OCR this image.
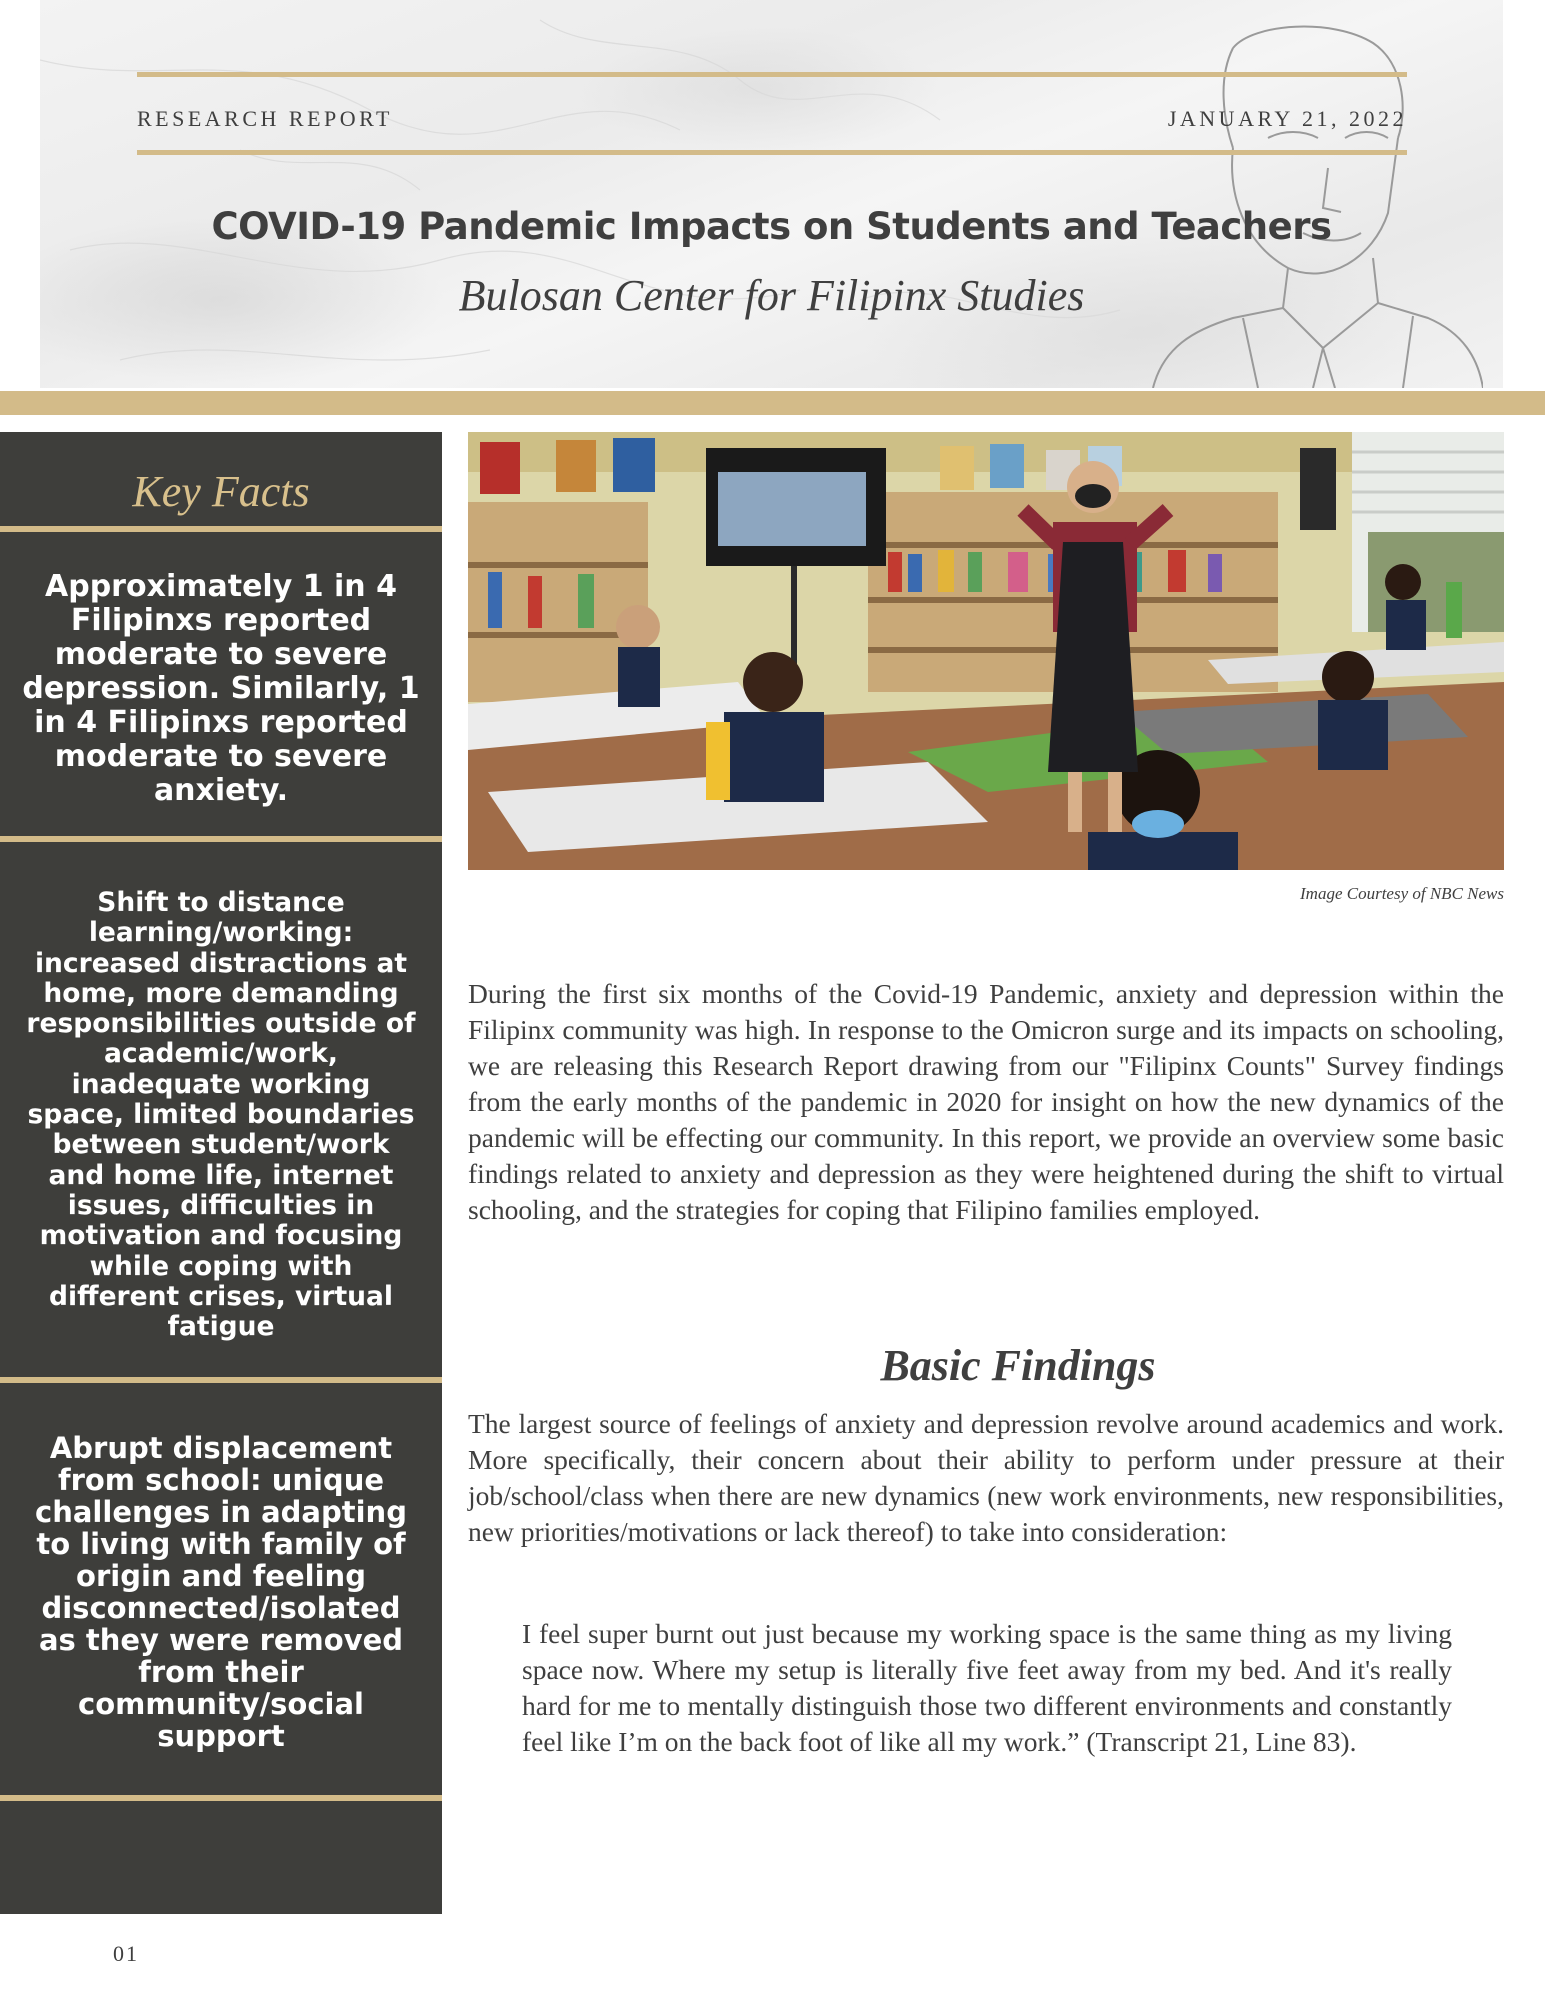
RESEARCH REPORT	JANUARY 21, 2022
COVID-19 Pandemic Impacts on Students and Teachers
Bulosan Center for Filipinx Studies
Key Facts
Approximately 1 in 4 Filipinxs reported moderate to severe depression. Similarly, 1 in 4 Filipinxs reported moderate to severe anxiety.
Shift to distance learning/working: increased distractions at home, more demanding responsibilities outside of academic/work, inadequate working space, limited boundaries between student/work and home life, internet issues, difficulties in motivation and focusing while coping with different crises, virtual fatigue
Abrupt displacement from school: unique challenges in adapting to living with family of origin and feeling disconnected/isolated as they were removed from their community/social support
Image Courtesy of NBC News

During the first six months of the Covid-19 Pandemic, anxiety and depression within the Filipinx community was high. In response to the Omicron surge and its impacts on schooling, we are releasing this Research Report drawing from our "Filipinx Counts" Survey findings from the early months of the pandemic in 2020 for insight on how the new dynamics of the pandemic will be effecting our community. In this report, we provide an overview some basic findings related to anxiety and depression as they were heightened during the shift to virtual schooling, and the strategies for coping that Filipino families employed.

Basic Findings

The largest source of feelings of anxiety and depression revolve around academics and work. More specifically, their concern about their ability to perform under pressure at their job/school/class when there are new dynamics (new work environments, new responsibilities, new priorities/motivations or lack thereof) to take into consideration:

I feel super burnt out just because my working space is the same thing as my living space now. Where my setup is literally five feet away from my bed. And it's really hard for me to mentally distinguish those two different environments and constantly feel like I’m on the back foot of like all my work.” (Transcript 21, Line 83).

01
